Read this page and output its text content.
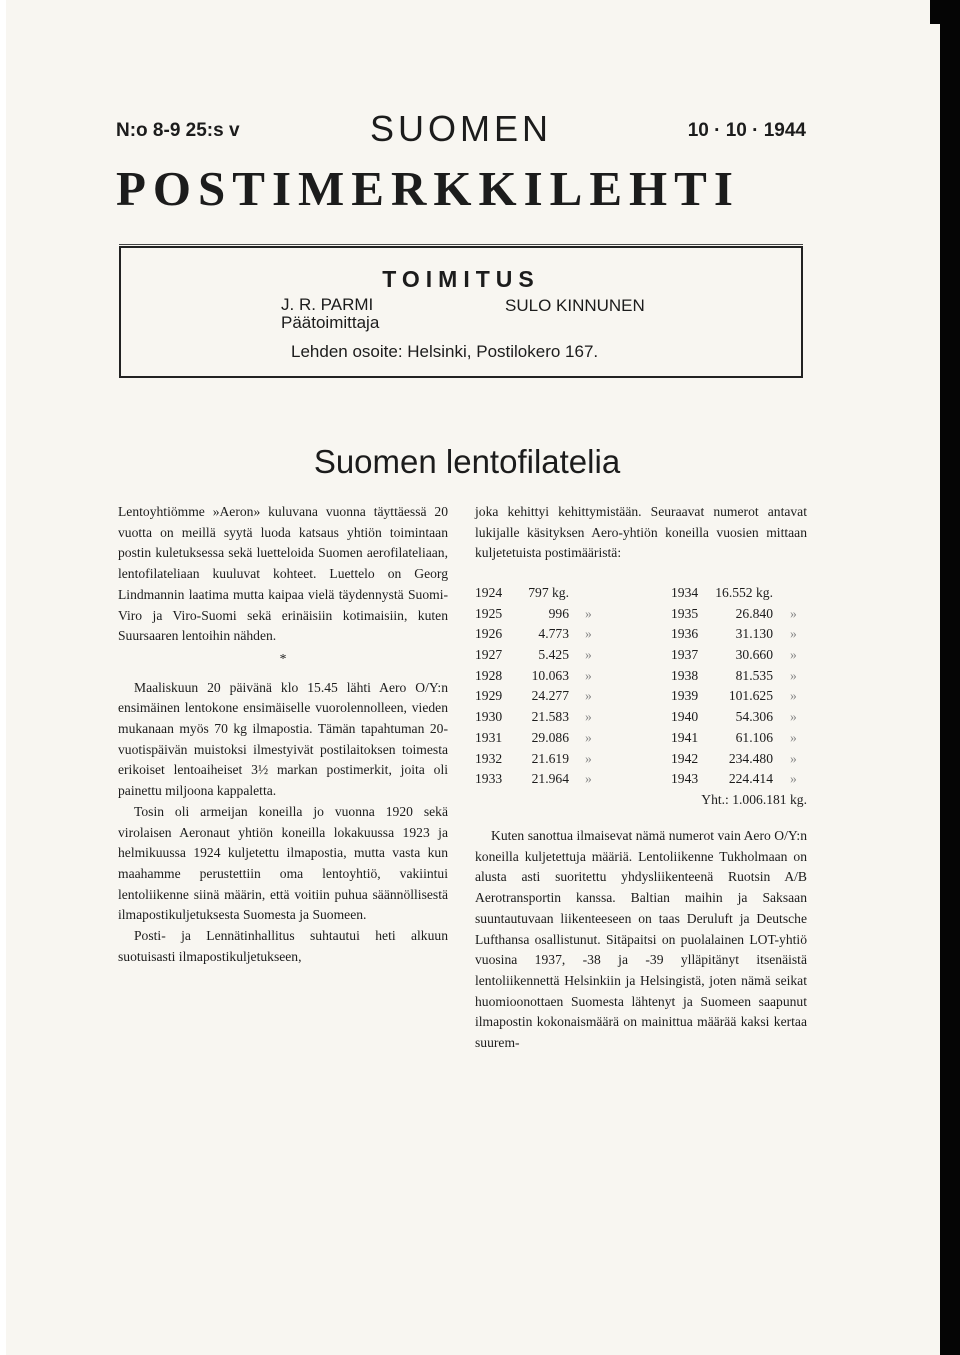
N:o 8-9 25:s v	SUOMEN	10 · 10 · 1944
POSTIMERKKILEHTI
TOIMITUS
J. R. PARMI
Päätoimittaja
SULO KINNUNEN
Lehden osoite: Helsinki, Postilokero 167.
Suomen lentofilatelia

Lentoyhtiömme »Aeron» kuluvana vuonna täyttäessä 20 vuotta on meillä syytä luoda katsaus yhtiön toimintaan postin kuletuksessa sekä luetteloida Suomen aerofilateliaan, lentofilateliaan kuuluvat kohteet. Luettelo on Georg Lindmannin laatima mutta kaipaa vielä täydennystä Suomi-Viro ja Viro-Suomi sekä erinäisiin kotimaisiin, kuten Suursaaren lentoihin nähden.

*

Maaliskuun 20 päivänä klo 15.45 lähti Aero O/Y:n ensimäinen lentokone ensimäiselle vuorolennolleen, vieden mukanaan myös 70 kg ilmapostia. Tämän tapahtuman 20-vuotispäivän muistoksi ilmestyivät postilaitoksen toimesta erikoiset lentoaiheiset 3½ markan postimerkit, joita oli painettu miljoona kappaletta.

Tosin oli armeijan koneilla jo vuonna 1920 sekä virolaisen Aeronaut yhtiön koneilla lokakuussa 1923 ja helmikuussa 1924 kuljetettu ilmapostia, mutta vasta kun maahamme perustettiin oma lentoyhtiö, vakiintui lentoliikenne siinä määrin, että voitiin puhua säännöllisestä ilmapostikuljetuksesta Suomesta ja Suomeen.

Posti- ja Lennätinhallitus suhtautui heti alkuun suotuisasti ilmapostikuljetukseen,

joka kehittyi kehittymistään. Seuraavat numerot antavat lukijalle käsityksen Aero-yhtiön koneilla vuosien mittaan kuljetetuista postimääristä:

1924	797 kg.	1934 16.552 kg.
1925	996 »	1935	26.840 »
1926	4.773 »	1936	31.130 »
1927	5.425 »	1937	30.660 »
1928	10.063 »	1938	81.535 »
1929	24.277 »	1939	101.625 »
1930	21.583 »	1940	54.306 »
1931	29.086 »	1941	61.106 »
1932	21.619 »	1942	234.480 »
1933	21.964 »	1943	224.414 »
Yht.: 1.006.181 kg.

Kuten sanottua ilmaisevat nämä numerot vain Aero O/Y:n koneilla kuljetettuja määriä. Lentoliikenne Tukholmaan on alusta asti suoritettu yhdysliikenteenä Ruotsin A/B Aerotransportin kanssa. Baltian maihin ja Saksaan suuntautuvaan liikenteeseen on taas Deruluft ja Deutsche Lufthansa osallistunut. Sitäpaitsi on puolalainen LOT-yhtiö vuosina 1937, -38 ja -39 ylläpitänyt itsenäistä lentoliikennettä Helsinkiin ja Helsingistä, joten nämä seikat huomioonottaen Suomesta lähtenyt ja Suomeen saapunut ilmapostin kokonaismäärä on mainittua määrää kaksi kertaa suurem-
